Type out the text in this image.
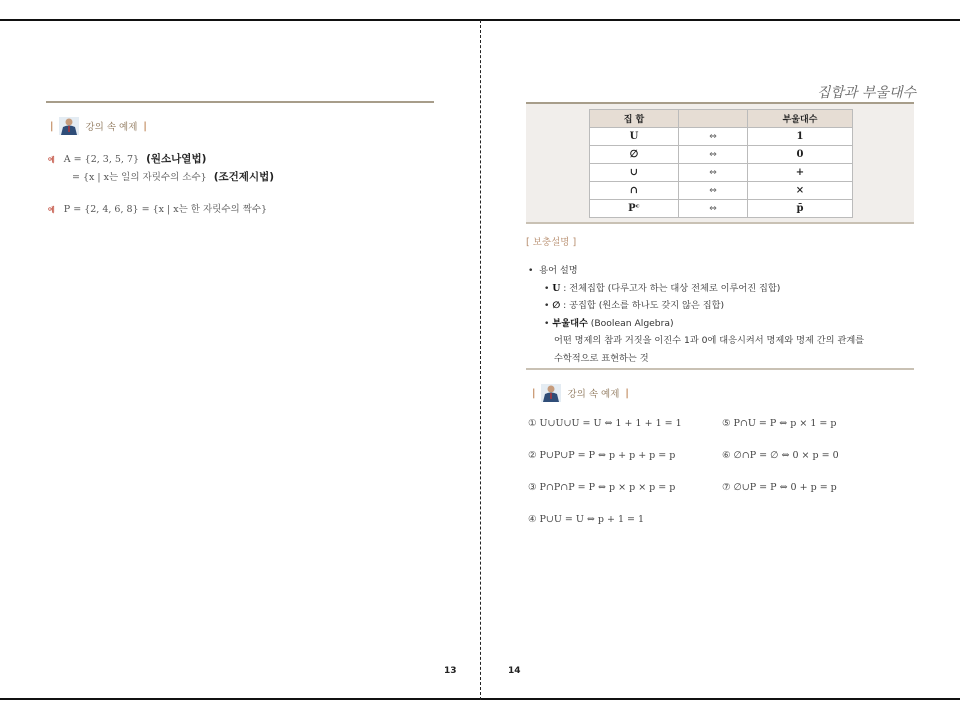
|	강의 속 예제 |
예 A = {2, 3, 5, 7} (원소나열법)
= {x | x는 일의 자릿수의 소수} (조건제시법)
예 P = {2, 4, 6, 8} = {x | x는 한 자릿수의 짝수}
13
집합과 부울대수
집 합		부울대수
U	⇔	1
∅	⇔	0
∪	⇔	+
∩	⇔	×
Pᶜ	⇔	p̄
[ 보충설명 ]
•  용어 설명
• U : 전체집합 (다루고자 하는 대상 전체로 이루어진 집합)
• ∅ : 공집합 (원소를 하나도 갖지 않은 집합)
• 부울대수 (Boolean Algebra)
어떤 명제의 참과 거짓을 이진수 1과 0에 대응시켜서 명제와 명제 간의 관계를
수학적으로 표현하는 것
|	강의 속 예제 |
① U∪U∪U = U ⇔ 1 + 1 + 1 = 1
② P∪P∪P = P ⇔ p + p + p = p
③ P∩P∩P = P ⇔ p × p × p = p
④ P∪U = U ⇔ p + 1 = 1
⑤ P∩U = P ⇔ p × 1 = p
⑥ ∅∩P = ∅ ⇔ 0 × p = 0
⑦ ∅∪P = P ⇔ 0 + p = p
14
